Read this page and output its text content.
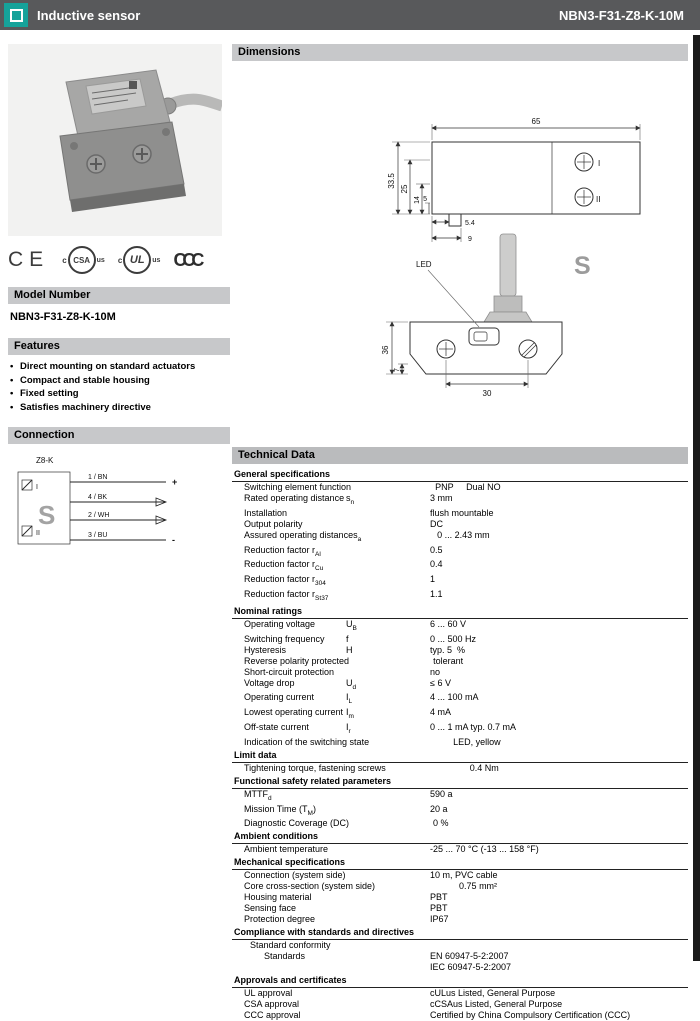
Inductive sensor	NBN3-F31-Z8-K-10M
CE c CSA us c UL	us CCC
Model Number
NBN3-F31-Z8-K-10M
Features
• Direct mounting on standard actuators
• Compact and stable housing
• Fixed setting
• Satisfies machinery directive
Connection
Z8-K
S
I
II
1 / BN	+
4 / BK
2 / WH
3 / BU	-
Dimensions
I
II
65
33.5
25
14 5
5.4
9
LED	S
36
7
30
Technical Data
General specifications
Switching element function	PNP     Dual NO
Rated operating distance $s_n$	3 mm
Installation	flush mountable
Output polarity	DC
Assured operating distance $s_a$	0 ... 2.43 mm
Reduction factor $r_{Al}$	0.5
Reduction factor $r_{Cu}$	0.4
Reduction factor $r_{304}$	1
Reduction factor $r_{St37}$	1.1
Nominal ratings
Operating voltage	$U_B$	6 ... 60 V
Switching frequency	f	0 ... 500 Hz
Hysteresis	H	typ. 5  %
Reverse polarity protected	tolerant
Short-circuit protection	no
Voltage drop	$U_d$	≤ 6 V
Operating current	$I_L$	4 ... 100 mA
Lowest operating current $I_m$	4 mA
Off-state current	$I_r$	0 ... 1 mA typ. 0.7 mA
Indication of the switching state	LED, yellow
Limit data
Tightening torque, fastening screws	0.4 Nm
Functional safety related parameters
$MTTF_d$	590 a
Mission Time $(T_M)$	20 a
Diagnostic Coverage (DC)	0 %
Ambient conditions
Ambient temperature	-25 ... 70 °C (-13 ... 158 °F)
Mechanical specifications
Connection (system side)	10 m, PVC cable
Core cross-section (system side)	0.75 mm²
Housing material	PBT
Sensing face	PBT
Protection degree	IP67
Compliance with standards and directives
Standard conformity
Standards	EN 60947-5-2:2007
IEC 60947-5-2:2007
Approvals and certificates
UL approval	cULus Listed, General Purpose
CSA approval	cCSAus Listed, General Purpose
CCC approval	Certified by China Compulsory Certification (CCC)
